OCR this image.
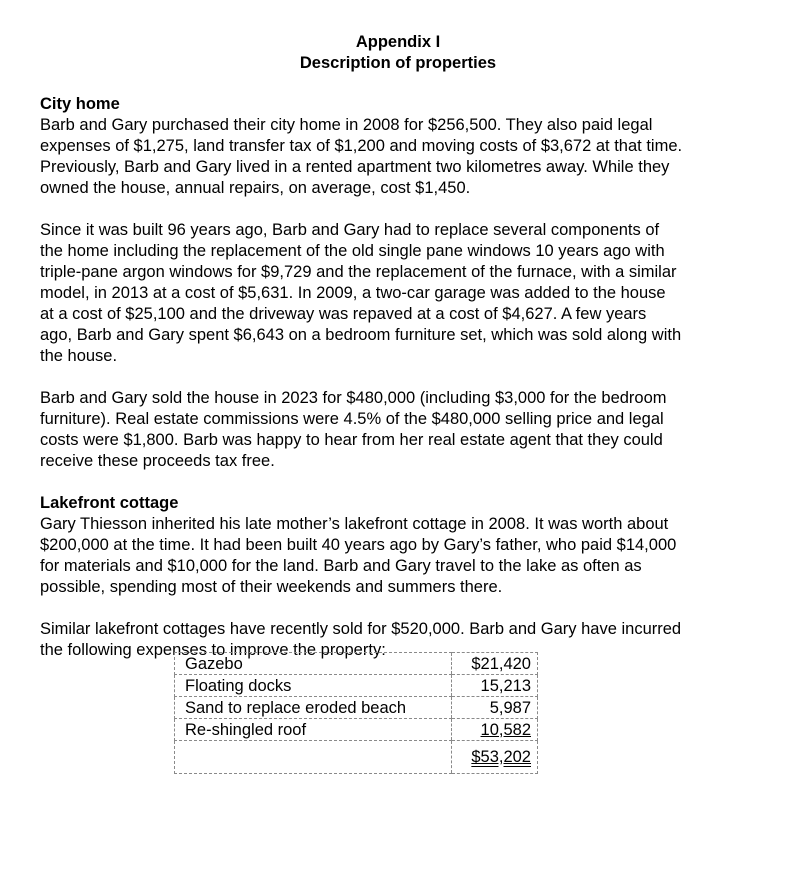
Appendix I
Description of properties
City home

Barb and Gary purchased their city home in 2008 for $256,500. They also paid legal
expenses of $1,275, land transfer tax of $1,200 and moving costs of $3,672 at that time.
Previously, Barb and Gary lived in a rented apartment two kilometres away. While they
owned the house, annual repairs, on average, cost $1,450.

Since it was built 96 years ago, Barb and Gary had to replace several components of
the home including the replacement of the old single pane windows 10 years ago with
triple-pane argon windows for $9,729 and the replacement of the furnace, with a similar
model, in 2013 at a cost of $5,631. In 2009, a two-car garage was added to the house
at a cost of $25,100 and the driveway was repaved at a cost of $4,627. A few years
ago, Barb and Gary spent $6,643 on a bedroom furniture set, which was sold along with
the house.

Barb and Gary sold the house in 2023 for $480,000 (including $3,000 for the bedroom
furniture). Real estate commissions were 4.5% of the $480,000 selling price and legal
costs were $1,800. Barb was happy to hear from her real estate agent that they could
receive these proceeds tax free.

Lakefront cottage

Gary Thiesson inherited his late mother’s lakefront cottage in 2008. It was worth about
$200,000 at the time. It had been built 40 years ago by Gary’s father, who paid $14,000
for materials and $10,000 for the land. Barb and Gary travel to the lake as often as
possible, spending most of their weekends and summers there.

Similar lakefront cottages have recently sold for $520,000. Barb and Gary have incurred
the following expenses to improve the property:

Gazebo	$21,420
Floating docks	15,213
Sand to replace eroded beach	5,987
Re-shingled roof	10,582
	$53,202
